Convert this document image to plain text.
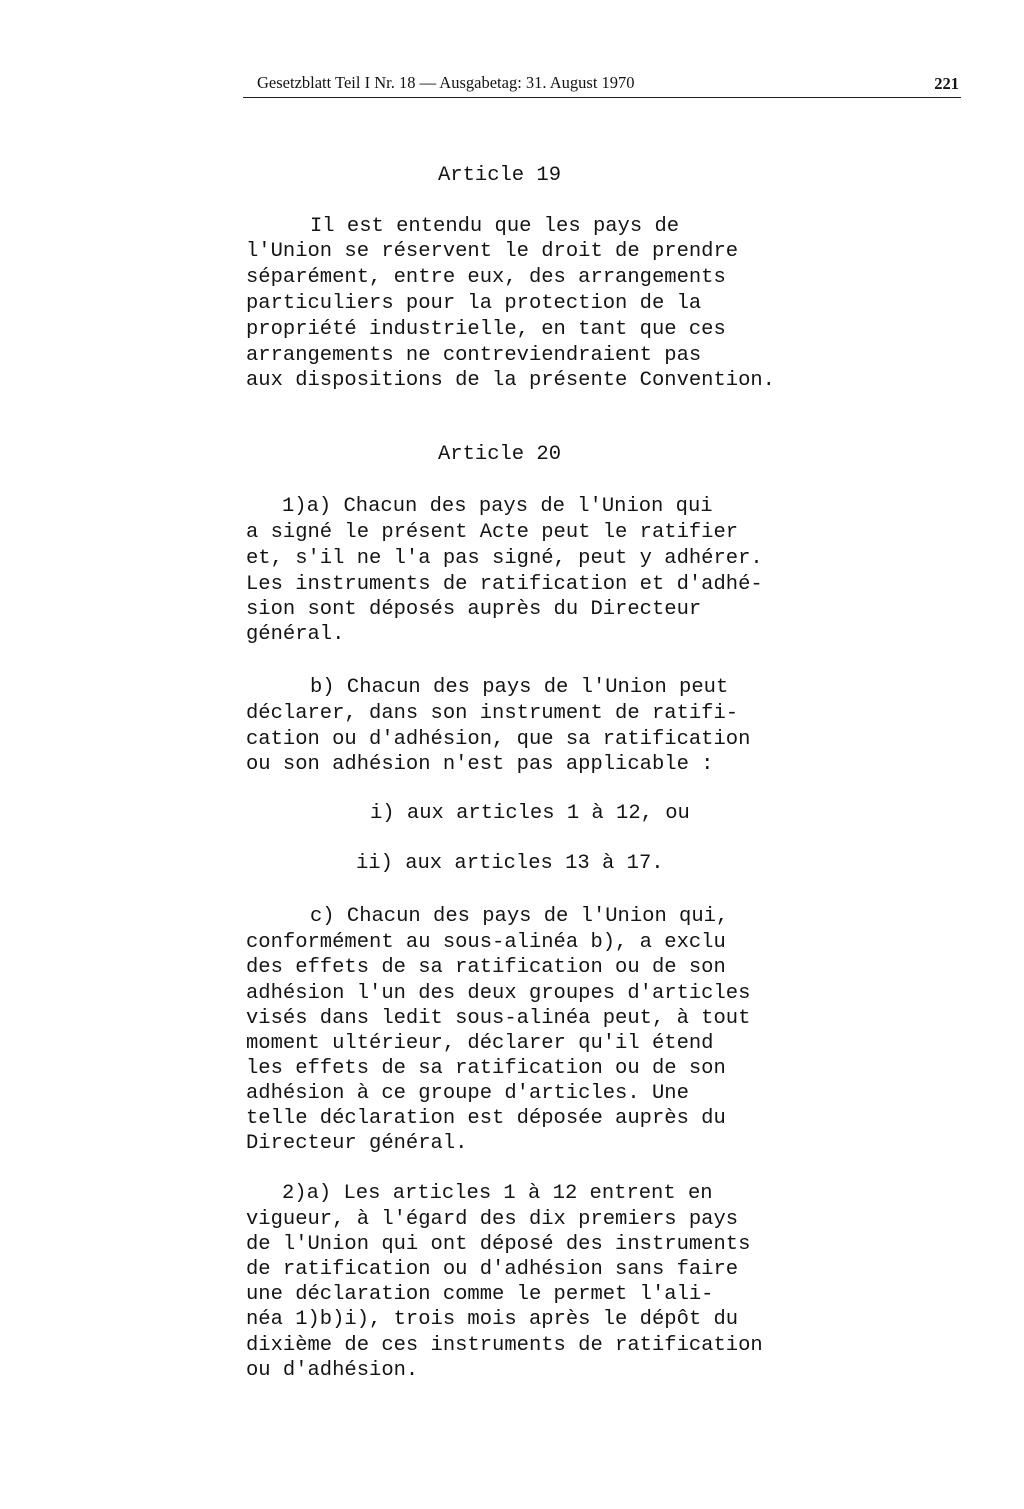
Gesetzblatt Teil I Nr. 18 — Ausgabetag: 31. August 1970	221
Article 19
Il est entendu que les pays de
l'Union se réservent le droit de prendre
séparément, entre eux, des arrangements
particuliers pour la protection de la
propriété industrielle, en tant que ces
arrangements ne contreviendraient pas
aux dispositions de la présente Convention.
Article 20
1)a) Chacun des pays de l'Union qui
a signé le présent Acte peut le ratifier
et, s'il ne l'a pas signé, peut y adhérer.
Les instruments de ratification et d'adhé-
sion sont déposés auprès du Directeur
général.
b) Chacun des pays de l'Union peut
déclarer, dans son instrument de ratifi-
cation ou d'adhésion, que sa ratification
ou son adhésion n'est pas applicable :
i) aux articles 1 à 12, ou
ii) aux articles 13 à 17.
c) Chacun des pays de l'Union qui,
conformément au sous-alinéa b), a exclu
des effets de sa ratification ou de son
adhésion l'un des deux groupes d'articles
visés dans ledit sous-alinéa peut, à tout
moment ultérieur, déclarer qu'il étend
les effets de sa ratification ou de son
adhésion à ce groupe d'articles. Une
telle déclaration est déposée auprès du
Directeur général.
2)a) Les articles 1 à 12 entrent en
vigueur, à l'égard des dix premiers pays
de l'Union qui ont déposé des instruments
de ratification ou d'adhésion sans faire
une déclaration comme le permet l'ali-
néa 1)b)i), trois mois après le dépôt du
dixième de ces instruments de ratification
ou d'adhésion.
